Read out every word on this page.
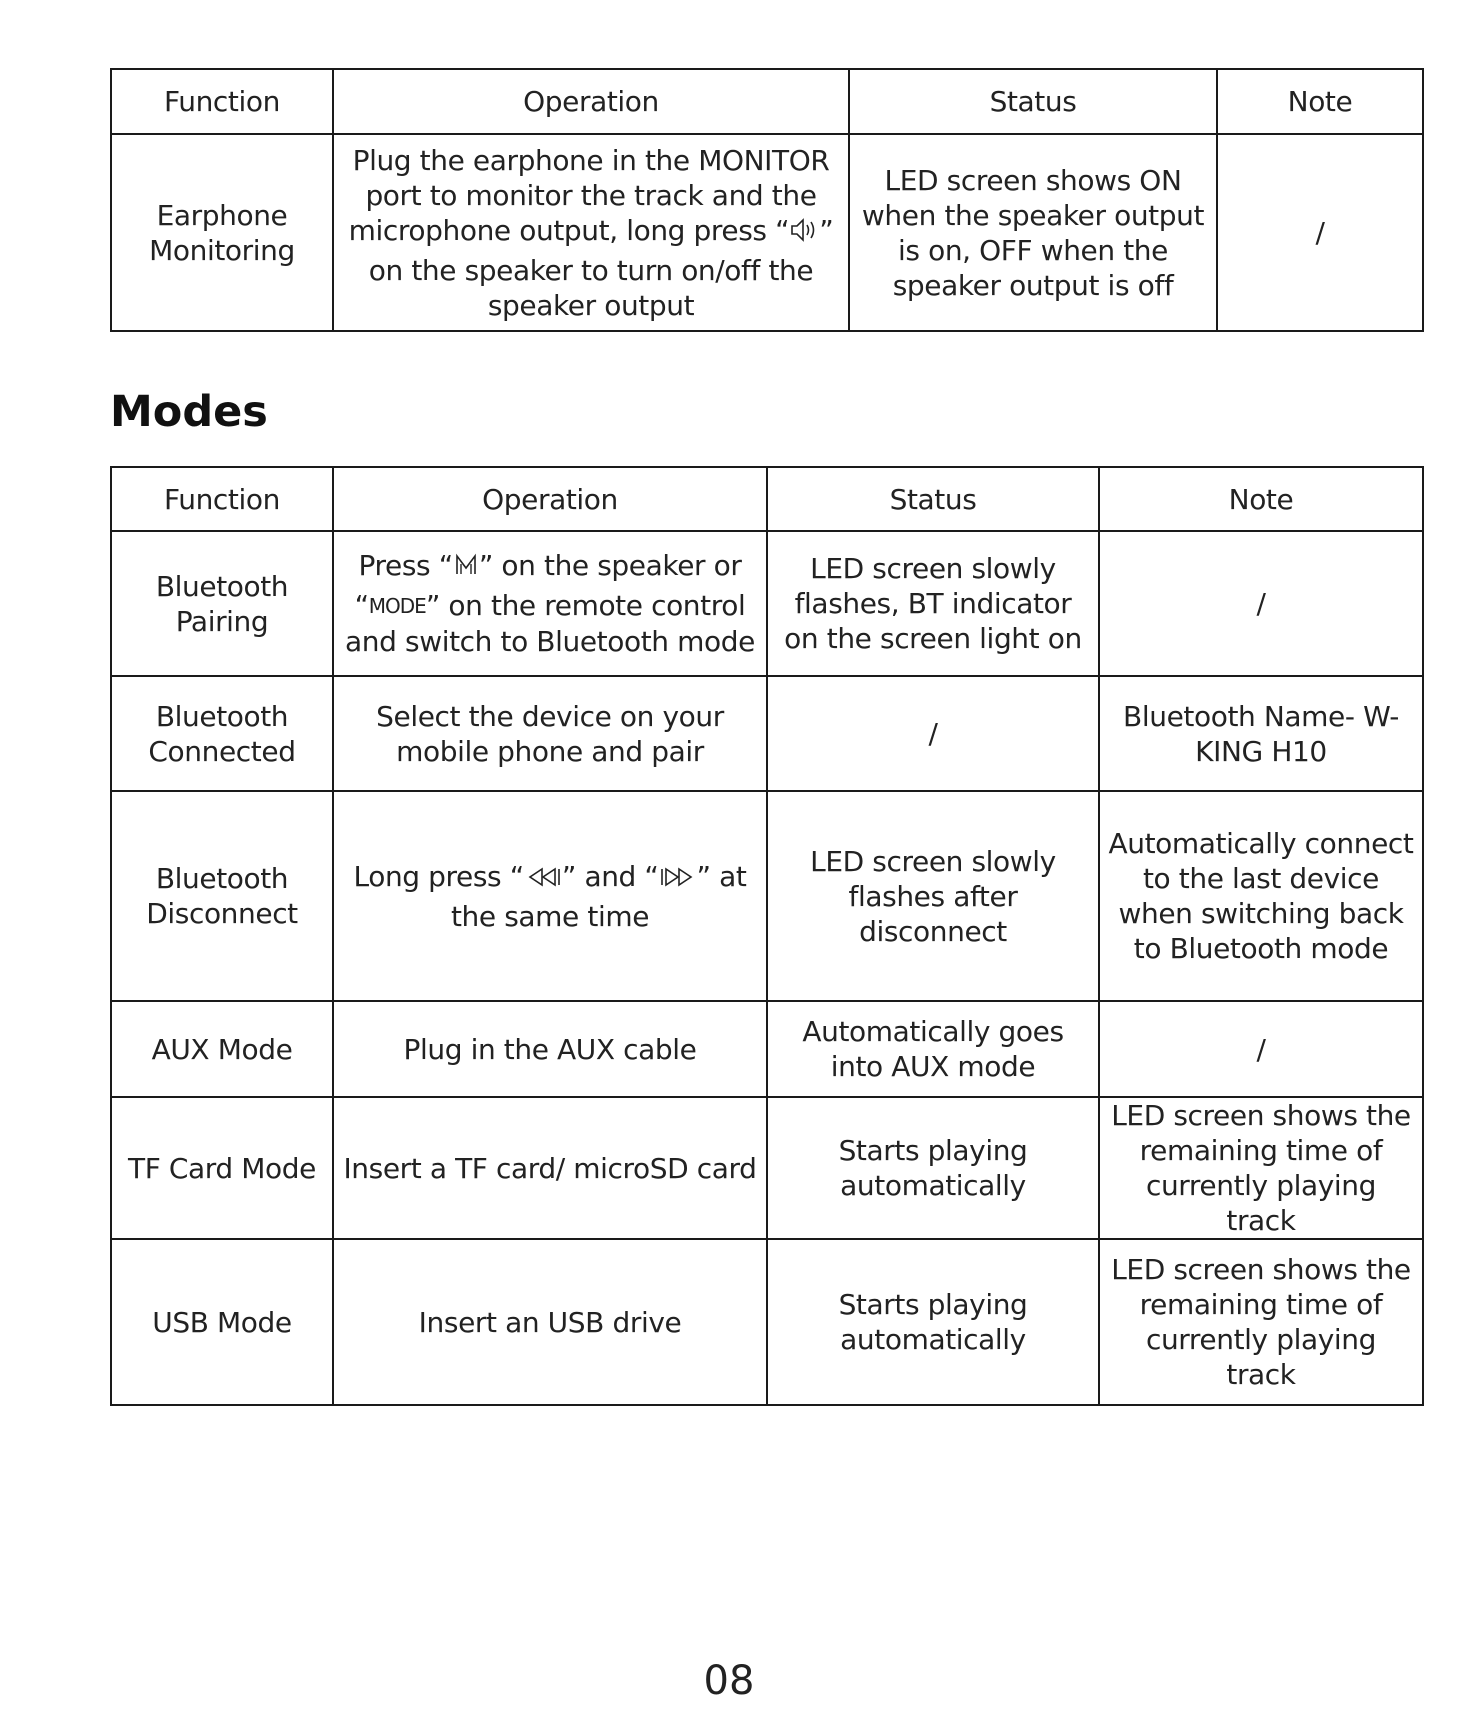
Function	Operation	Status	Note
Earphone Monitoring	Plug the earphone in the MONITOR port to monitor the track and the microphone output, long press “ ” on the speaker to turn on/off the speaker output	LED screen shows ON when the speaker output is on, OFF when the speaker output is off	/
Modes
Function	Operation	Status	Note
Bluetooth Pairing	Press “ ” on the speaker or “MODE” on the remote control and switch to Bluetooth mode	LED screen slowly flashes, BT indicator on the screen light on	/
Bluetooth Connected	Select the device on your mobile phone and pair	/	Bluetooth Name- W-KING H10
Bluetooth Disconnect	Long press “ ” and “ ” at the same time	LED screen slowly flashes after disconnect	Automatically connect to the last device when switching back to Bluetooth mode
AUX Mode	Plug in the AUX cable	Automatically goes into AUX mode	/
TF Card Mode	Insert a TF card/ microSD card	Starts playing automatically	LED screen shows the remaining time of currently playing track
USB Mode	Insert an USB drive	Starts playing automatically	LED screen shows the remaining time of currently playing track
08
